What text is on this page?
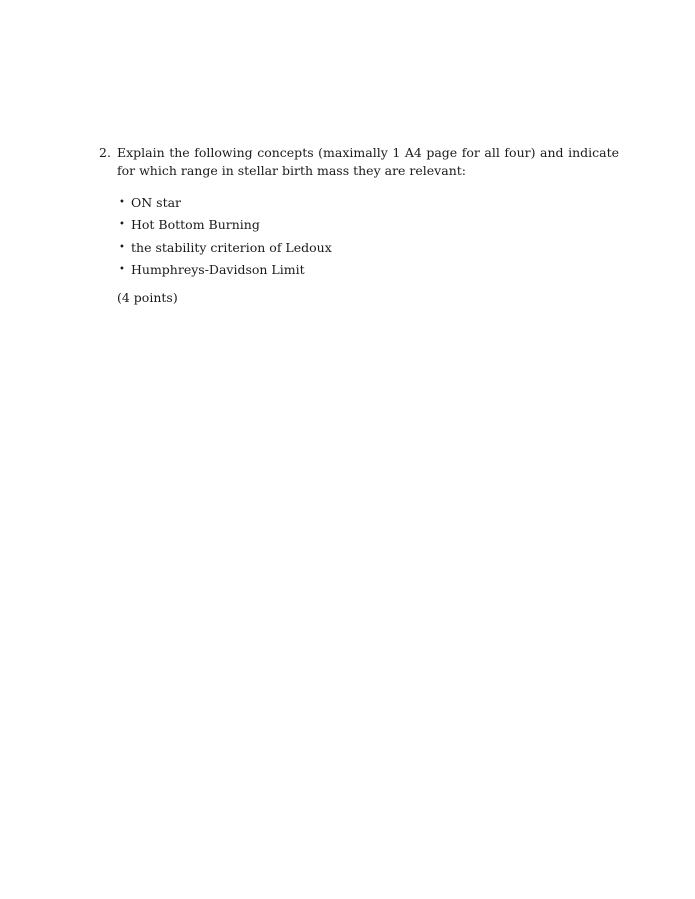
2. Explain the following concepts (maximally 1 A4 page for all four) and indicate for which range in stellar birth mass they are relevant:
• ON star
• Hot Bottom Burning
• the stability criterion of Ledoux
• Humphreys-Davidson Limit
(4 points)
